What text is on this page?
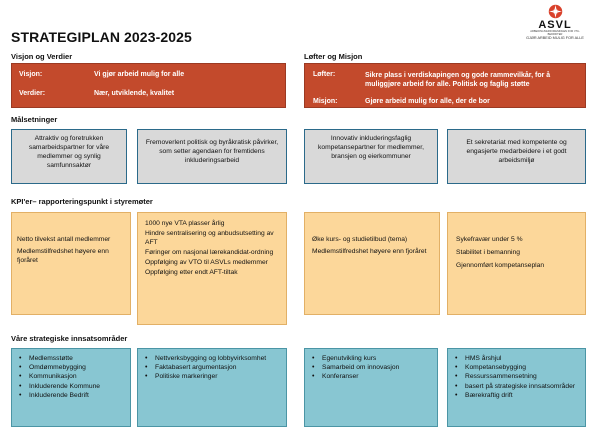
STRATEGIPLAN 2023-2025
ASVL
ARBEIDSGIVERFORENINGEN FOR VTA-BEDRIFTER
GJØR ARBEID MULIG FOR ALLE
Visjon og Verdier
Visjon:	Vi gjør arbeid mulig for alle
Verdier:	Nær, utviklende, kvalitet
Løfter og Misjon
Løfter:	Sikre plass i verdiskapingen og gode rammevilkår, for å muliggjøre arbeid for alle. Politisk og faglig støtte
Misjon:	Gjøre arbeid mulig for alle, der de bor
Målsetninger
Attraktiv og foretrukken samarbeidspartner for våre medlemmer og synlig samfunnsaktør
Fremoverlent politisk og byråkratisk påvirker, som setter agendaen for fremtidens inkluderingsarbeid
Innovativ inkluderingsfaglig kompetansepartner for medlemmer, bransjen og eierkommuner
Et sekretariat med kompetente og engasjerte medarbeidere i et godt arbeidsmiljø
KPI'er– rapporteringspunkt i styremøter

Netto tilvekst antall medlemmer

Medlemstilfredshet høyere enn fjoråret

1000 nye VTA plasser årlig

Hindre sentralisering og anbudsutsetting av AFT

Føringer om nasjonal lærekandidat-ordning

Oppfølging av VTO til ASVLs medlemmer

Oppfølging etter endt AFT-tiltak

Øke kurs- og studietilbud (tema)

Medlemstilfredshet høyere enn fjoråret

Sykefravær under 5 %

Stabilitet i bemanning

Gjennomført kompetanseplan

Våre strategiske innsatsområder
• Medlemsstøtte
• Omdømmebygging
• Kommunikasjon
• Inkluderende Kommune
• Inkluderende Bedrift
• Nettverksbygging og lobbyvirksomhet
• Faktabasert argumentasjon
• Politiske markeringer
• Egenutvikling kurs
• Samarbeid om innovasjon
• Konferanser
• HMS årshjul
• Kompetansebygging
• Ressurssammensetning
• basert på strategiske innsatsområder
• Bærekraftig drift
